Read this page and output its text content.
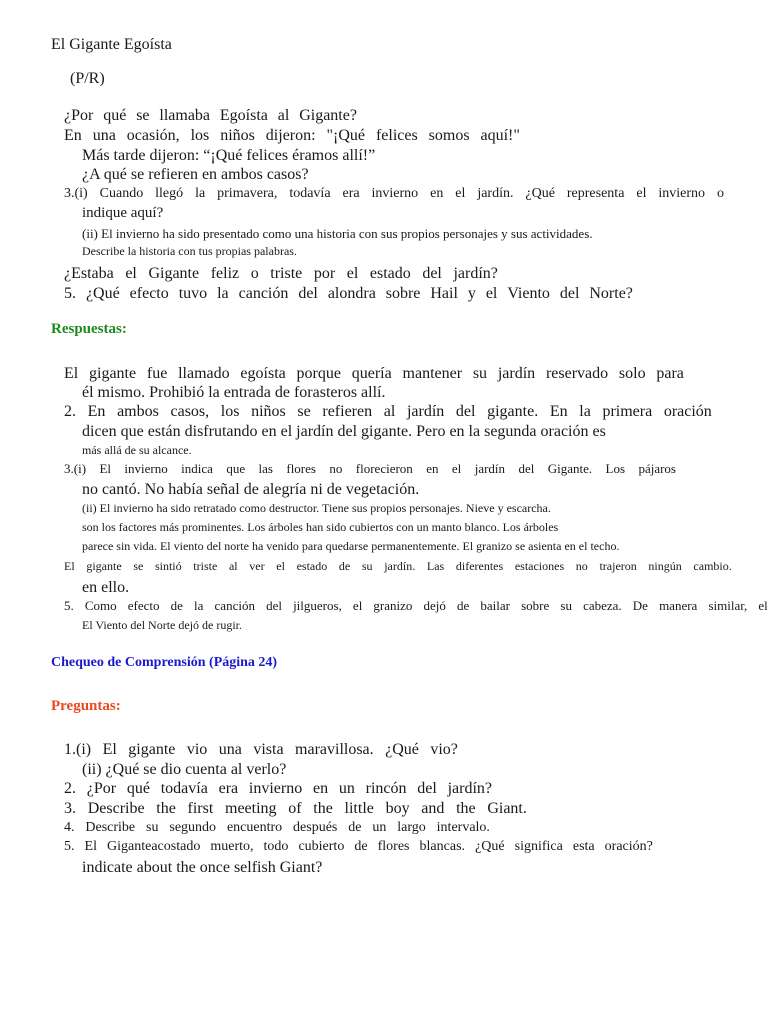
El Gigante Egoísta
(P/R)
¿Por qué se llamaba Egoísta al Gigante?
En una ocasión, los niños dijeron: "¡Qué felices somos aquí!"
Más tarde dijeron: “¡Qué felices éramos allí!”
¿A qué se refieren en ambos casos?
3.(i) Cuando llegó la primavera, todavía era invierno en el jardín. ¿Qué representa el invierno o
indique aquí?
(ii) El invierno ha sido presentado como una historia con sus propios personajes y sus actividades.
Describe la historia con tus propias palabras.
¿Estaba el Gigante feliz o triste por el estado del jardín?
5. ¿Qué efecto tuvo la canción del alondra sobre Hail y el Viento del Norte?
Respuestas:
El gigante fue llamado egoísta porque quería mantener su jardín reservado solo para
él mismo. Prohibió la entrada de forasteros allí.
2. En ambos casos, los niños se refieren al jardín del gigante. En la primera oración
dicen que están disfrutando en el jardín del gigante. Pero en la segunda oración es
más allá de su alcance.
3.(i) El invierno indica que las flores no florecieron en el jardín del Gigante. Los pájaros
no cantó. No había señal de alegría ni de vegetación.
(ii) El invierno ha sido retratado como destructor. Tiene sus propios personajes. Nieve y escarcha.
son los factores más prominentes. Los árboles han sido cubiertos con un manto blanco. Los árboles
parece sin vida. El viento del norte ha venido para quedarse permanentemente. El granizo se asienta en el techo.
El gigante se sintió triste al ver el estado de su jardín. Las diferentes estaciones no trajeron ningún cambio.
en ello.
5. Como efecto de la canción del jilgueros, el granizo dejó de bailar sobre su cabeza. De manera similar, el
El Viento del Norte dejó de rugir.
Chequeo de Comprensión (Página 24)
Preguntas:
1.(i) El gigante vio una vista maravillosa. ¿Qué vio?
(ii) ¿Qué se dio cuenta al verlo?
2. ¿Por qué todavía era invierno en un rincón del jardín?
3. Describe the first meeting of the little boy and the Giant.
4. Describe su segundo encuentro después de un largo intervalo.
5. El Giganteacostado muerto, todo cubierto de flores blancas. ¿Qué significa esta oración?
indicate about the once selfish Giant?
